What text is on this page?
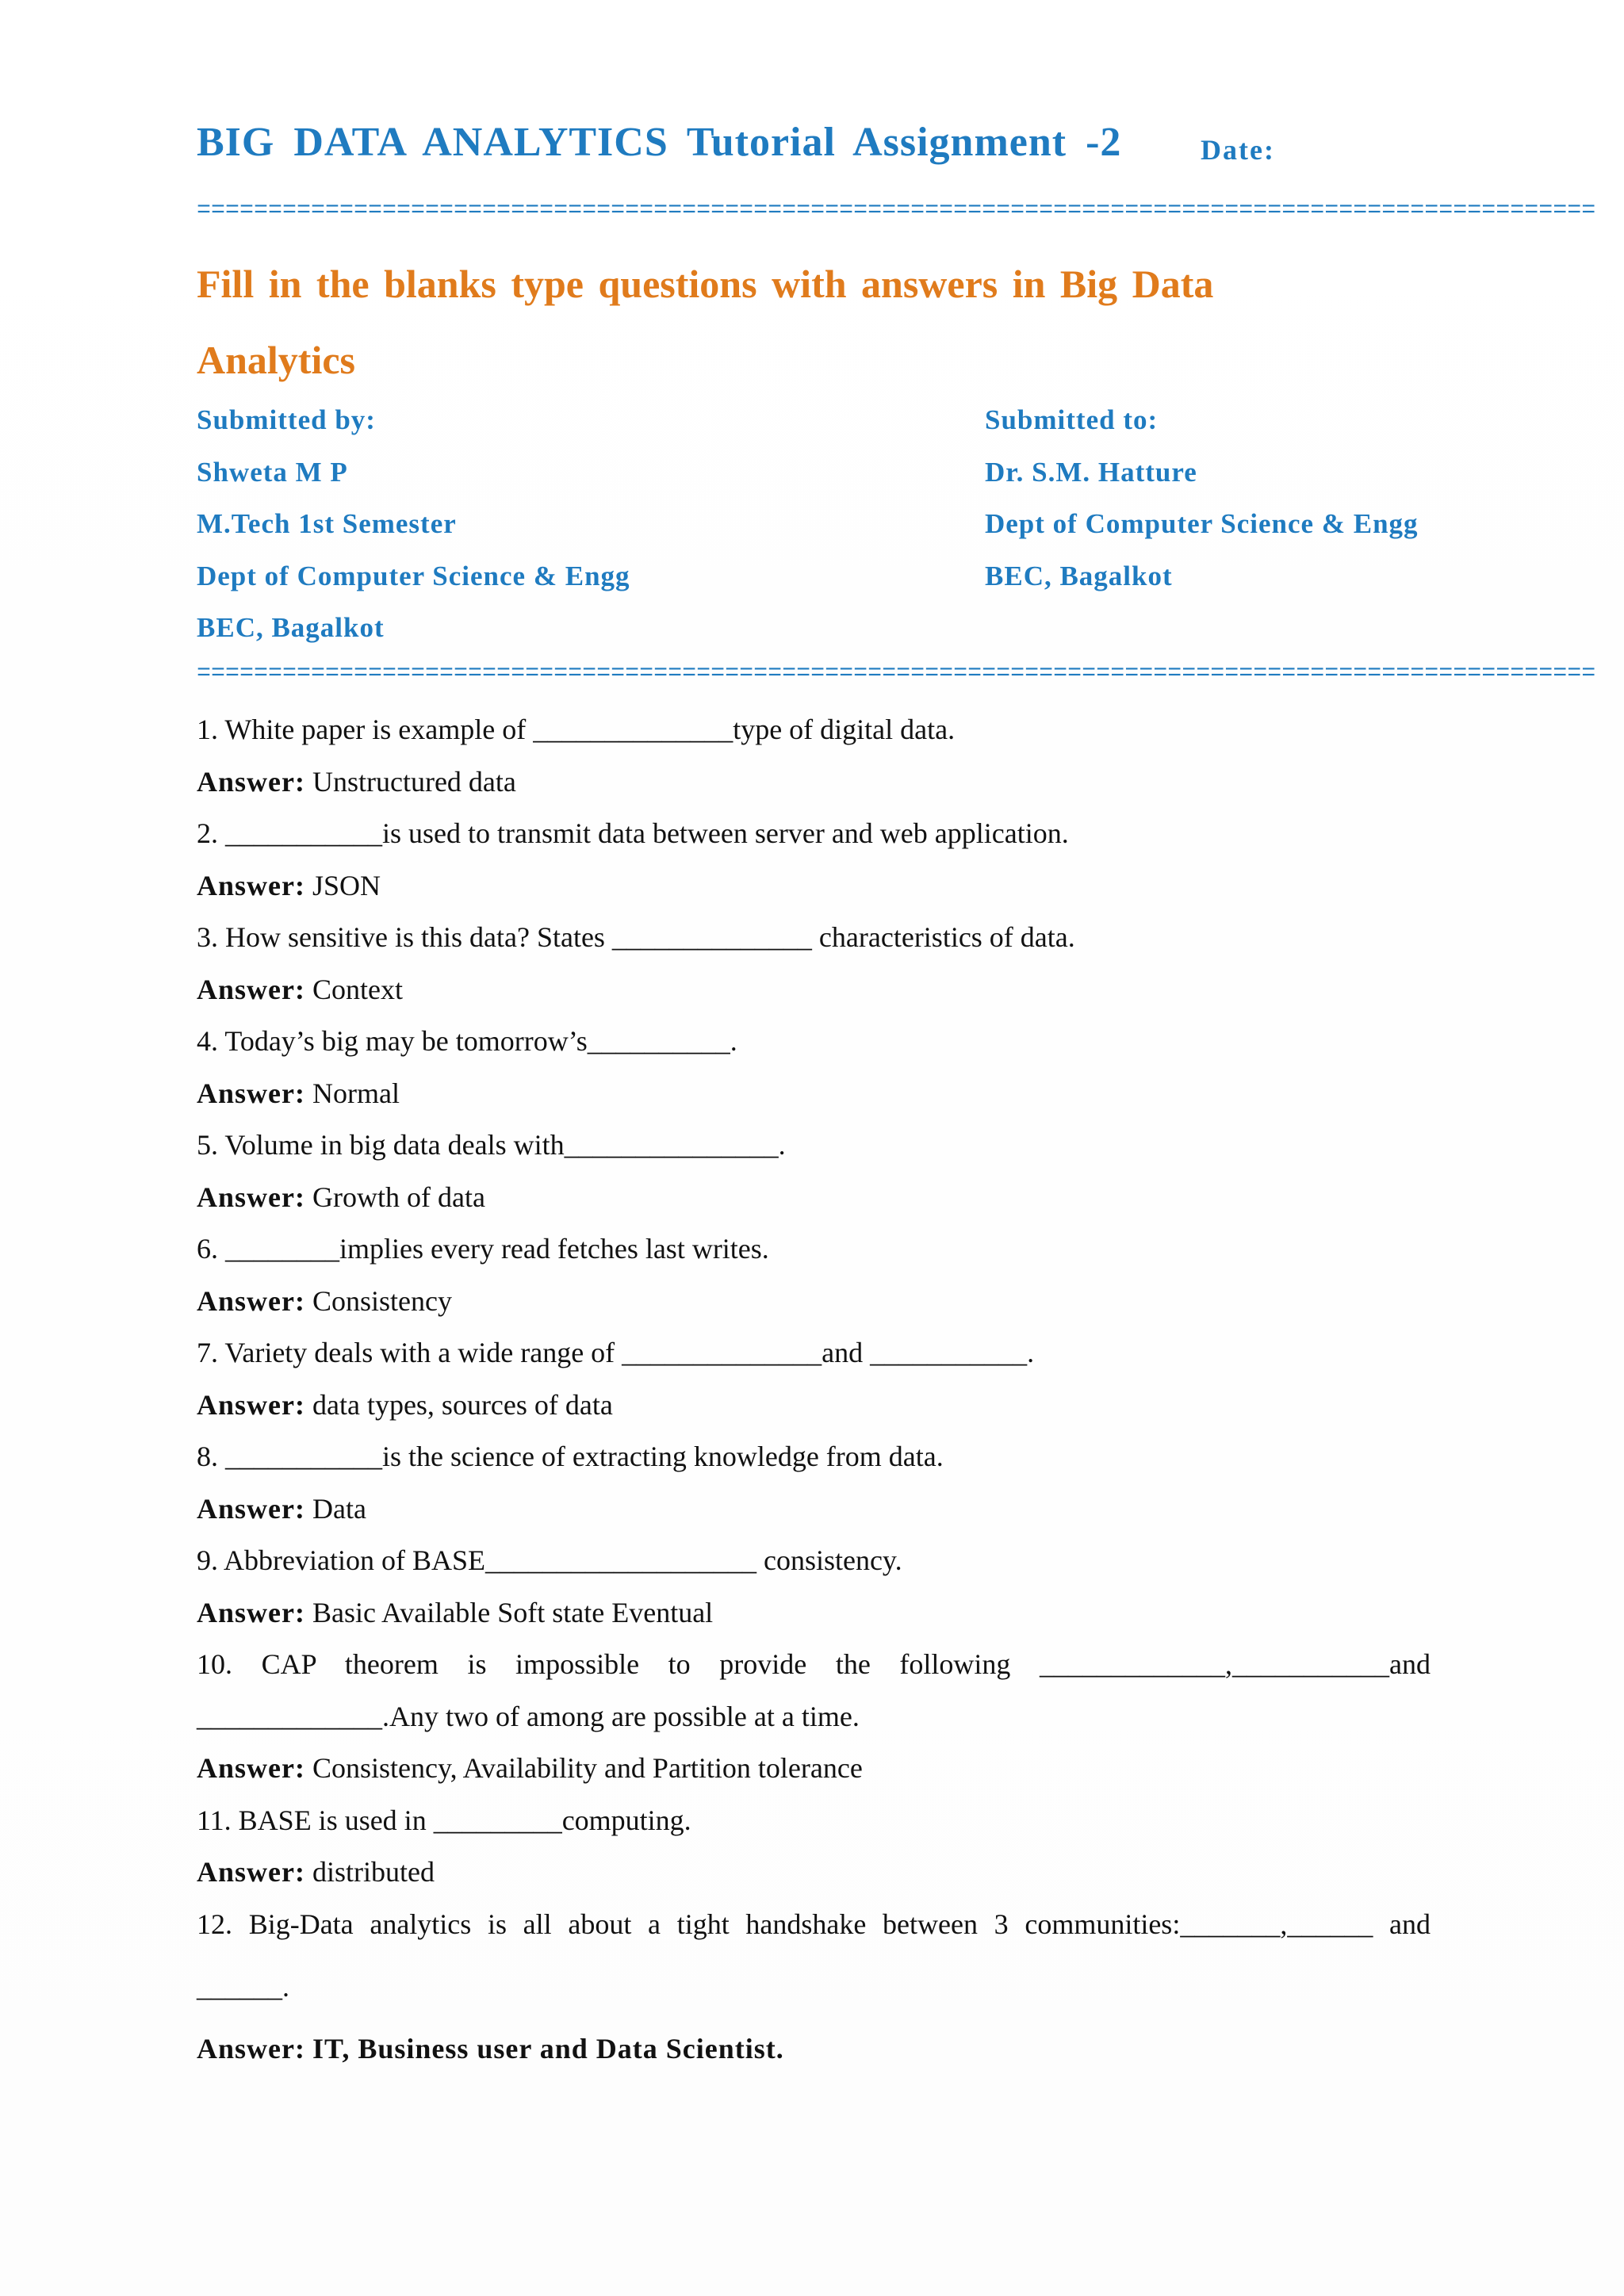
BIG DATA ANALYTICS Tutorial Assignment -2	Date:
==================================================================================================
Fill in the blanks type questions with answers in Big Data
Analytics
Submitted by:
Shweta M P
M.Tech 1st Semester
Dept of Computer Science & Engg
BEC, Bagalkot
Submitted to:
Dr. S.M. Hatture
Dept of Computer Science & Engg
BEC, Bagalkot
==================================================================================================
1. White paper is example of ______________type of digital data.
Answer: Unstructured data
2. ___________is used to transmit data between server and web application.
Answer: JSON
3. How sensitive is this data? States ______________ characteristics of data.
Answer: Context
4. Today’s big may be tomorrow’s__________.
Answer: Normal
5. Volume in big data deals with_______________.
Answer: Growth of data
6. ________implies every read fetches last writes.
Answer: Consistency
7. Variety deals with a wide range of ______________and ___________.
Answer: data types, sources of data
8. ___________is the science of extracting knowledge from data.
Answer: Data
9. Abbreviation of BASE___________________ consistency.
Answer: Basic Available Soft state Eventual
10. CAP theorem is impossible to provide the following _____________,___________and
_____________.Any two of among are possible at a time.
Answer: Consistency, Availability and Partition tolerance
11. BASE is used in _________computing.
Answer: distributed
12. Big-Data analytics is all about a tight handshake between 3 communities:_______,______ and
______.
Answer: IT, Business user and Data Scientist.
